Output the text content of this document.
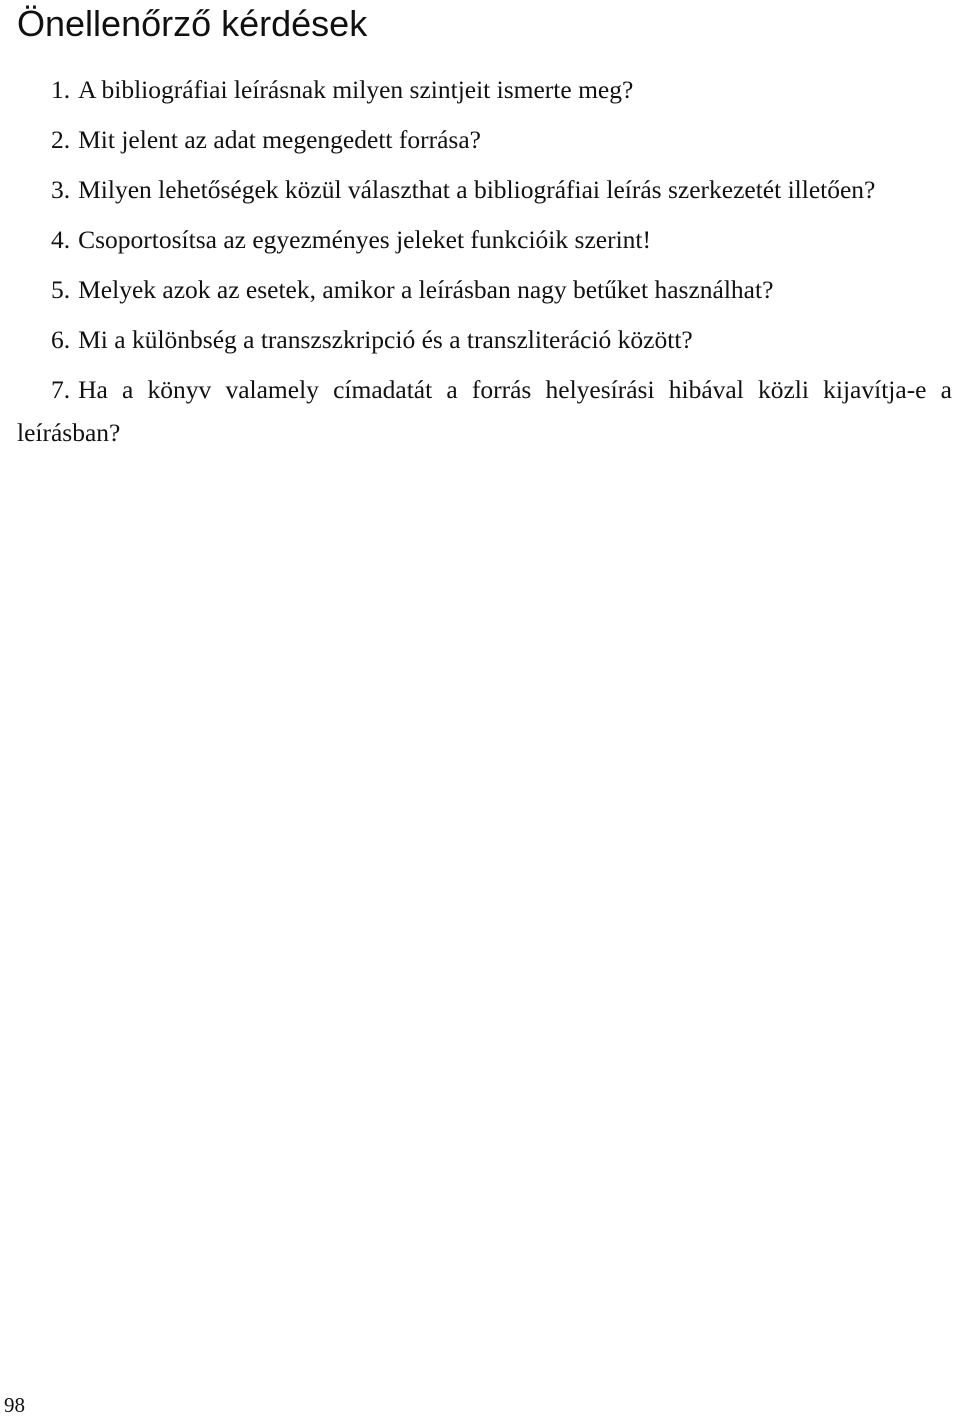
Önellenőrző kérdések
1. A bibliográfiai leírásnak milyen szintjeit ismerte meg?
2. Mit jelent az adat megengedett forrása?
3. Milyen lehetőségek közül választhat a bibliográfiai leírás szerkezetét illetően?
4. Csoportosítsa az egyezményes jeleket funkcióik szerint!
5. Melyek azok az esetek, amikor a leírásban nagy betűket használhat?
6. Mi a különbség a transzszkripció és a transzliteráció között?
7. Ha a könyv valamely címadatát a forrás helyesírási hibával közli kijavítja-e a leírásban?
98
